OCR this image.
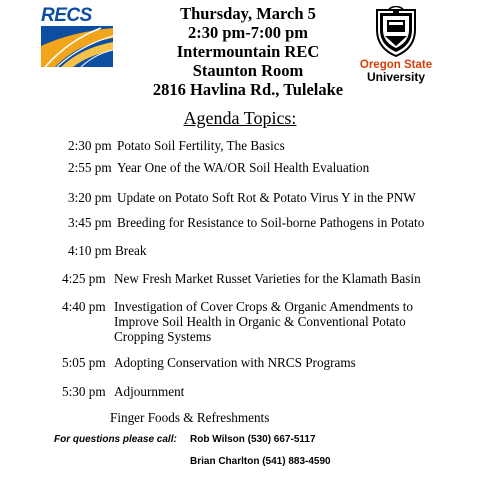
RECS	Thursday, March 5
2:30 pm-7:00 pm
Intermountain REC
Staunton Room
2816 Havlina Rd., Tulelake
Oregon State
University
Agenda Topics:
2:30 pm Potato Soil Fertility, The Basics
2:55 pm Year One of the WA/OR Soil Health Evaluation
3:20 pm Update on Potato Soft Rot & Potato Virus Y in the PNW
3:45 pm Breeding for Resistance to Soil-borne Pathogens in Potato
4:10 pm Break
4:25 pm New Fresh Market Russet Varieties for the Klamath Basin
4:40 pm Investigation of Cover Crops & Organic Amendments to
Improve Soil Health in Organic & Conventional Potato
Cropping Systems
5:05 pm Adopting Conservation with NRCS Programs
5:30 pm Adjournment
Finger Foods & Refreshments
For questions please call: Rob Wilson (530) 667-5117
Brian Charlton (541) 883-4590
